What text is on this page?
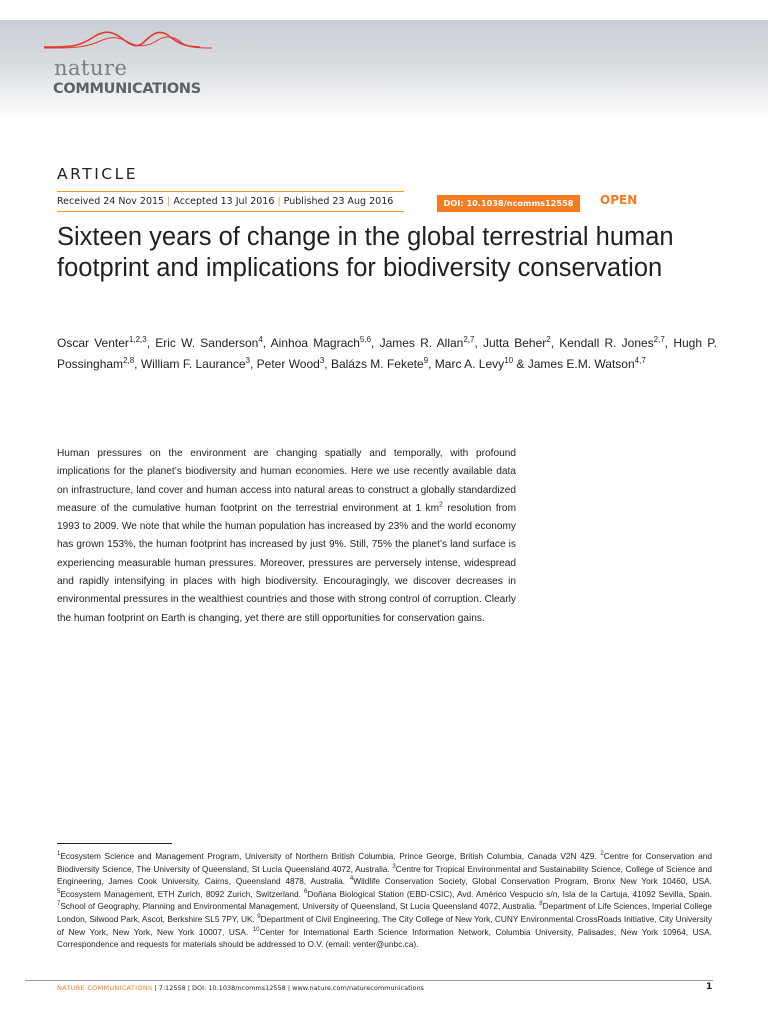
nature
COMMUNICATIONS
ARTICLE
Received 24 Nov 2015 | Accepted 13 Jul 2016 | Published 23 Aug 2016	DOI: 10.1038/ncomms12558	OPEN
Sixteen years of change in the global terrestrial human footprint and implications for biodiversity conservation
Oscar Venter$^{1,2,3}$, Eric W. Sanderson$^4$, Ainhoa Magrach$^{5,6}$, James R. Allan$^{2,7}$, Jutta Beher$^2$, Kendall R. Jones$^{2,7}$, Hugh P. Possingham$^{2,8}$, William F. Laurance$^3$, Peter Wood$^3$, Balázs M. Fekete$^9$, Marc A. Levy$^{10}$ & James E.M. Watson$^{4,7}$
Human pressures on the environment are changing spatially and temporally, with profound implications for the planet’s biodiversity and human economies. Here we use recently available data on infrastructure, land cover and human access into natural areas to construct a globally standardized measure of the cumulative human footprint on the terrestrial environment at 1 $km^2$ resolution from 1993 to 2009. We note that while the human population has increased by 23% and the world economy has grown 153%, the human footprint has increased by just 9%. Still, 75% the planet’s land surface is experiencing measurable human pressures. Moreover, pressures are perversely intense, widespread and rapidly intensifying in places with high biodiversity. Encouragingly, we discover decreases in environmental pressures in the wealthiest countries and those with strong control of corruption. Clearly the human footprint on Earth is changing, yet there are still opportunities for conservation gains.
$^1$Ecosystem Science and Management Program, University of Northern British Columbia, Prince George, British Columbia, Canada V2N 4Z9. $^2$Centre for Conservation and Biodiversity Science, The University of Queensland, St Lucia Queensland 4072, Australia. $^3$Centre for Tropical Environmental and Sustainability Science, College of Science and Engineering, James Cook University, Cairns, Queensland 4878, Australia. $^4$Wildlife Conservation Society, Global Conservation Program, Bronx New York 10460, USA. $^5$Ecosystem Management, ETH Zurich, 8092 Zurich, Switzerland. $^6$Doñana Biological Station (EBD-CSIC), Avd. Américo Vespucio s/n, Isla de la Cartuja, 41092 Sevilla, Spain. $^7$School of Geography, Planning and Environmental Management, University of Queensland, St Lucia Queensland 4072, Australia. $^8$Department of Life Sciences, Imperial College London, Silwood Park, Ascot, Berkshire SL5 7PY, UK. $^9$Department of Civil Engineering, The City College of New York, CUNY Environmental CrossRoads Initiative, City University of New York, New York, New York 10007, USA. $^{10}$Center for International Earth Science Information Network, Columbia University, Palisades, New York 10964, USA. Correspondence and requests for materials should be addressed to O.V. (email: venter@unbc.ca).
NATURE COMMUNICATIONS | 7:12558 | DOI: 10.1038/ncomms12558 | www.nature.com/naturecommunications	1
